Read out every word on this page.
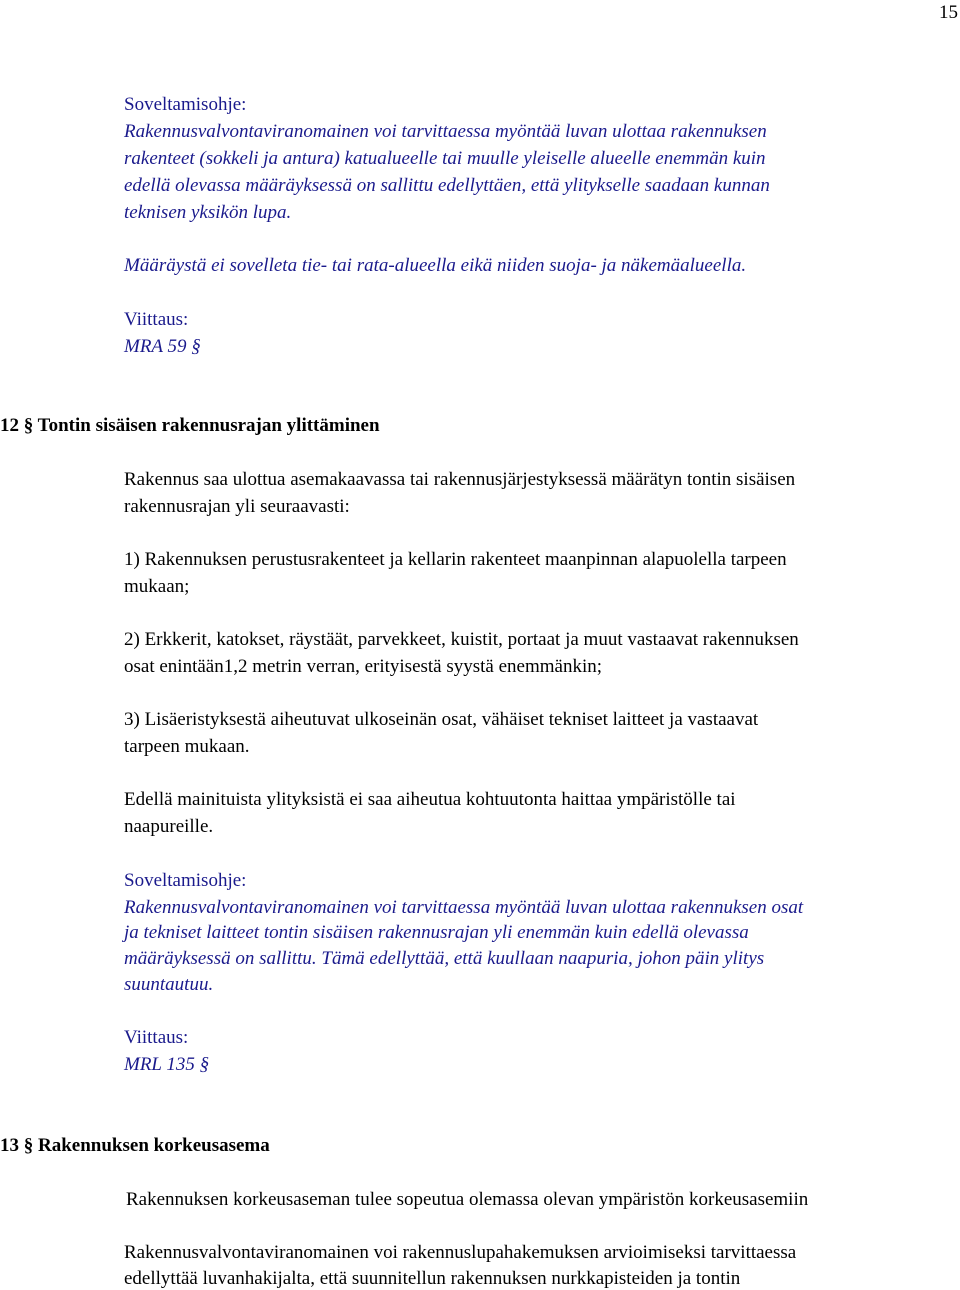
15
Soveltamisohje:
Rakennusvalvontaviranomainen voi tarvittaessa myöntää luvan ulottaa rakennuksen
rakenteet (sokkeli ja antura) katualueelle tai muulle yleiselle alueelle enemmän kuin
edellä olevassa määräyksessä on sallittu edellyttäen, että ylitykselle saadaan kunnan
teknisen yksikön lupa.
Määräystä ei sovelleta tie- tai rata-alueella eikä niiden suoja- ja näkemäalueella.
Viittaus:
MRA 59 §
12 § Tontin sisäisen rakennusrajan ylittäminen
Rakennus saa ulottua asemakaavassa tai rakennusjärjestyksessä määrätyn tontin sisäisen
rakennusrajan yli seuraavasti:
1) Rakennuksen perustusrakenteet ja kellarin rakenteet maanpinnan alapuolella tarpeen
mukaan;
2) Erkkerit, katokset, räystäät, parvekkeet, kuistit, portaat ja muut vastaavat rakennuksen
osat enintään1,2 metrin verran, erityisestä syystä enemmänkin;
3) Lisäeristyksestä aiheutuvat ulkoseinän osat, vähäiset tekniset laitteet ja vastaavat
tarpeen mukaan.
Edellä mainituista ylityksistä ei saa aiheutua kohtuutonta haittaa ympäristölle tai
naapureille.
Soveltamisohje:
Rakennusvalvontaviranomainen voi tarvittaessa myöntää luvan ulottaa rakennuksen osat
ja tekniset laitteet tontin sisäisen rakennusrajan yli enemmän kuin edellä olevassa
määräyksessä on sallittu. Tämä edellyttää, että kuullaan naapuria, johon päin ylitys
suuntautuu.
Viittaus:
MRL 135 §
13 § Rakennuksen korkeusasema
Rakennuksen korkeusaseman tulee sopeutua olemassa olevan ympäristön korkeusasemiin
Rakennusvalvontaviranomainen voi rakennuslupahakemuksen arvioimiseksi tarvittaessa
edellyttää luvanhakijalta, että suunnitellun rakennuksen nurkkapisteiden ja tontin
